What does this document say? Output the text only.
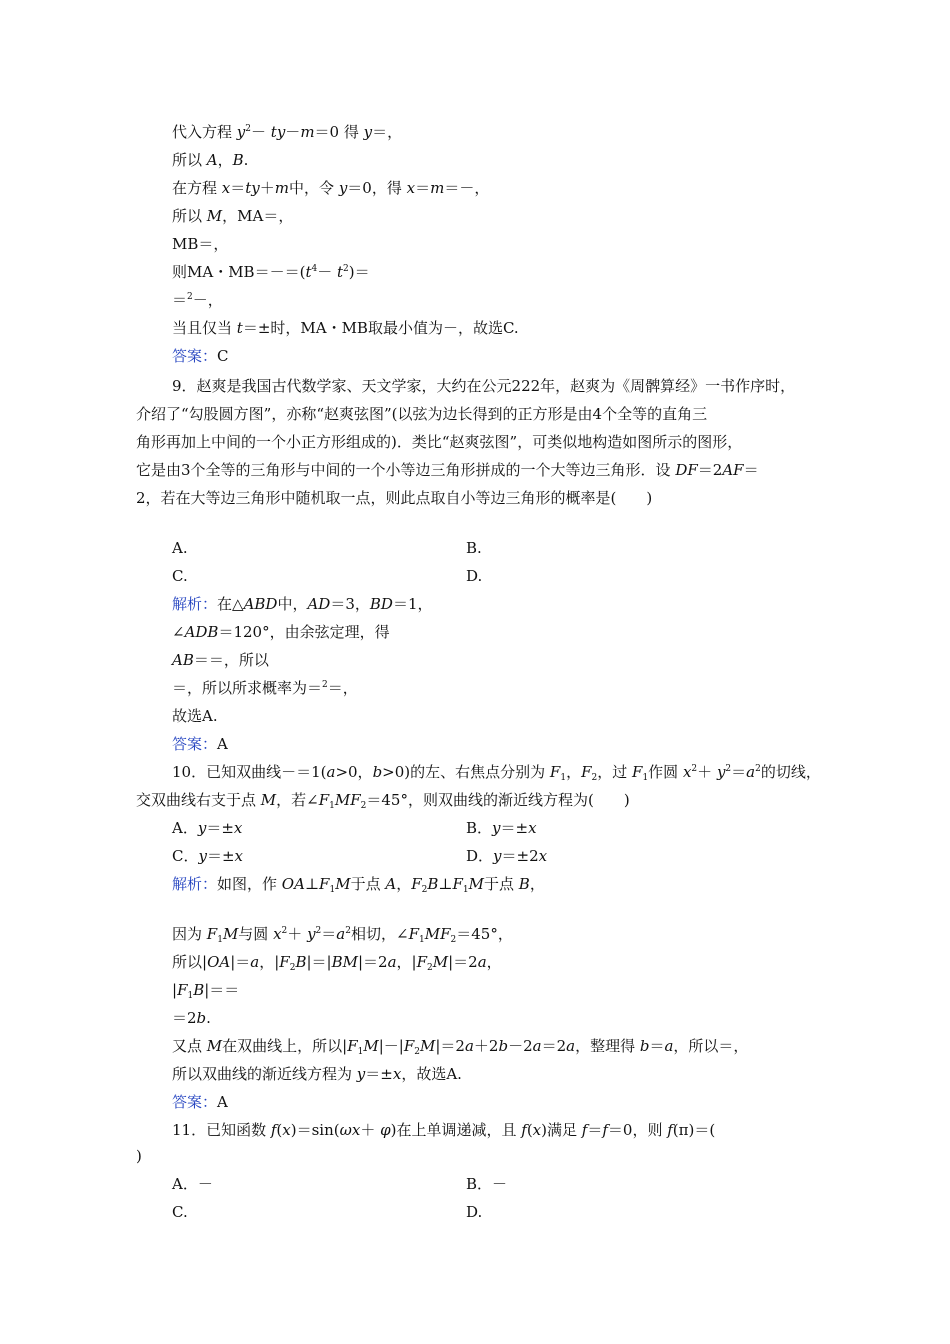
代入方程 $y^2- ty-m=0$ 得 y＝，
所以 A，B.
在方程 x＝ty＋m中，令 y＝0，得 x＝m＝－，
所以 M，MA＝，
MB＝，
则MA・$MB=-=(t^4- t^2)=$
＝$^2$－，
当且仅当 t＝±时，MA・MB取最小值为－，故选C.
答案：C
9．赵爽是我国古代数学家、天文学家，大约在公元222年，赵爽为《周髀算经》一书作序时，
介绍了“勾股圆方图”，亦称“赵爽弦图”(以弦为边长得到的正方形是由4个全等的直角三
角形再加上中间的一个小正方形组成的)．类比“赵爽弦图”，可类似地构造如图所示的图形，
它是由3个全等的三角形与中间的一个小等边三角形拼成的一个大等边三角形．设 DF＝2AF＝
2，若在大等边三角形中随机取一点，则此点取自小等边三角形的概率是(　　)
A.	B.
C.	D.
解析：在△ABD中，AD＝3，BD＝1，
∠ADB＝120°，由余弦定理，得
AB＝＝，所以
＝，所以所求概率为＝$^2$＝，
故选A.
答案：A
10．已知双曲线－＝1(a>0，b>0)的左、右焦点分别为 $F_1$，$F_2$，过 $F_1$作圆 $x^2+ y^2=a^2$的切线，
交双曲线右支于点 M，若$\angle F_1MF_2=45^\circ$，则双曲线的渐近线方程为(　　)
A．y＝±x	B．y＝±x
C．y＝±x	D．y＝±2x
解析：如图，作 $OA\perp F_1M$于点 A，$F_2B\perp F_1M$于点 B，
因为 $F_1M$与圆 $x^2+ y^2=a^2$相切，$\angle F_1MF_2=45^\circ$，
所以|OA|＝a，$|F_2B|=|BM|=2a$，$|F_2M|=2a$，
$|F_1B|==$
＝2b.
又点 M在双曲线上，所以$|F_1M|-|F_2M|=2a+2b-2a=2a$，整理得 b＝a，所以＝，
所以双曲线的渐近线方程为 y＝±x，故选A.
答案：A
11．已知函数 f(x)＝sin(ωx＋ φ)在上单调递减，且 f(x)满足 f＝f＝0，则 f(π)＝(
)
A．－	B．－
C.	D.
